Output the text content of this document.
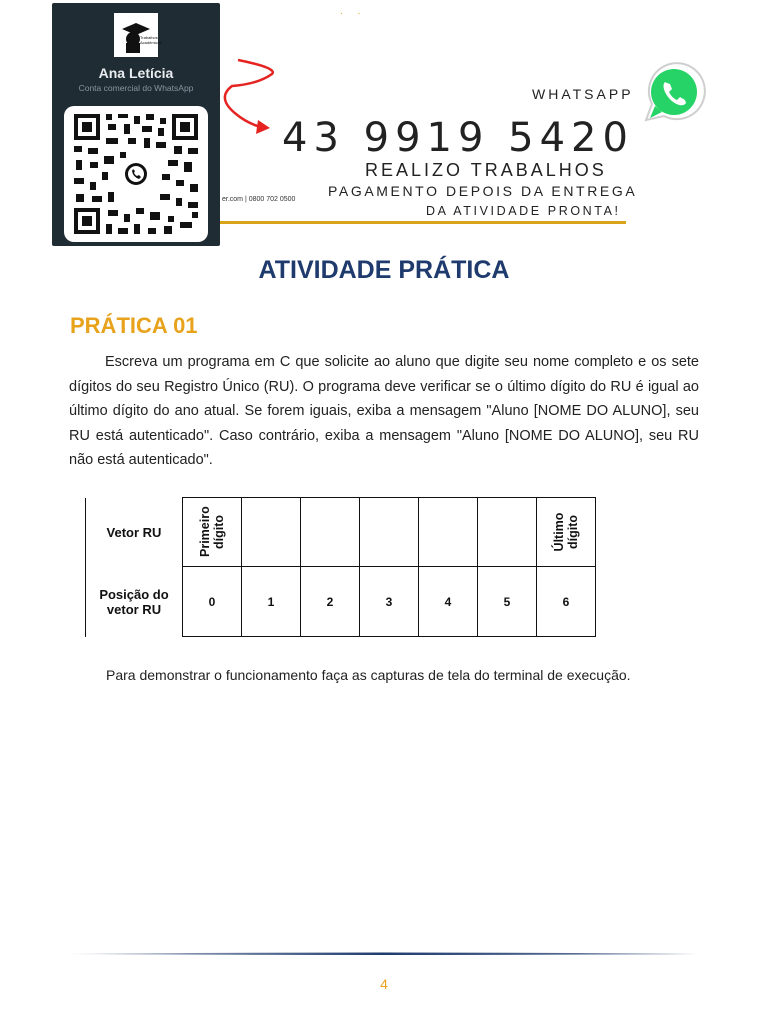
Trabalhos
Acadêmicos
Ana Letícia
Conta comercial do WhatsApp
. .
WHATSAPP
43 9919 5420
REALIZO TRABALHOS
PAGAMENTO DEPOIS DA ENTREGA
er.com | 0800 702 0500
DA ATIVIDADE PRONTA!
ATIVIDADE PRÁTICA
PRÁTICA 01

Escreva um programa em C que solicite ao aluno que digite seu nome completo e os sete dígitos do seu Registro Único (RU). O programa deve verificar se o último dígito do RU é igual ao último dígito do ano atual. Se forem iguais, exiba a mensagem "Aluno [NOME DO ALUNO], seu RU está autenticado". Caso contrário, exiba a mensagem "Aluno [NOME DO ALUNO], seu RU não está autenticado".

Vetor RU	Primeiro dígito						Último dígito
Posição do vetor RU	0	1	2	3	4	5	6
Para demonstrar o funcionamento faça as capturas de tela do terminal de execução.
4
